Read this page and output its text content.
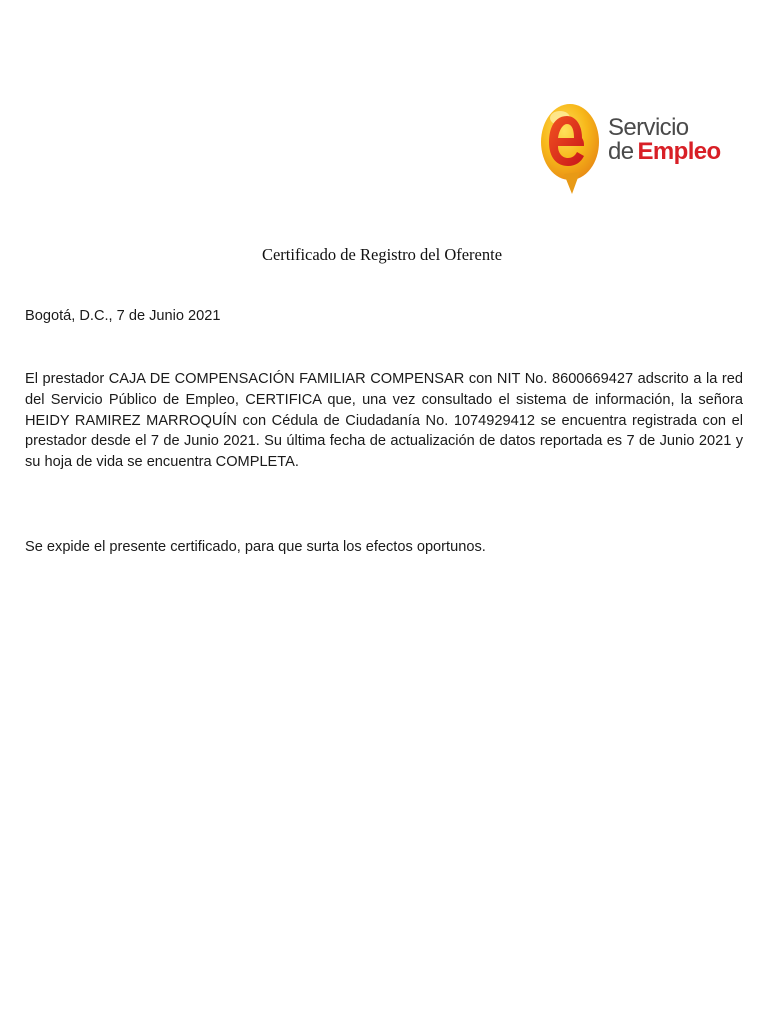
Servicio
de Empleo
Certificado de Registro del Oferente

Bogotá, D.C., 7 de Junio 2021

El prestador CAJA DE COMPENSACIÓN FAMILIAR COMPENSAR con NIT No. 8600669427 adscrito a la red del Servicio Público de Empleo, CERTIFICA que, una vez consultado el sistema de información, la señora HEIDY RAMIREZ MARROQUÍN con Cédula de Ciudadanía No. 1074929412 se encuentra registrada con el prestador desde el 7 de Junio 2021. Su última fecha de actualización de datos reportada es 7 de Junio 2021 y su hoja de vida se encuentra COMPLETA.

Se expide el presente certificado, para que surta los efectos oportunos.
